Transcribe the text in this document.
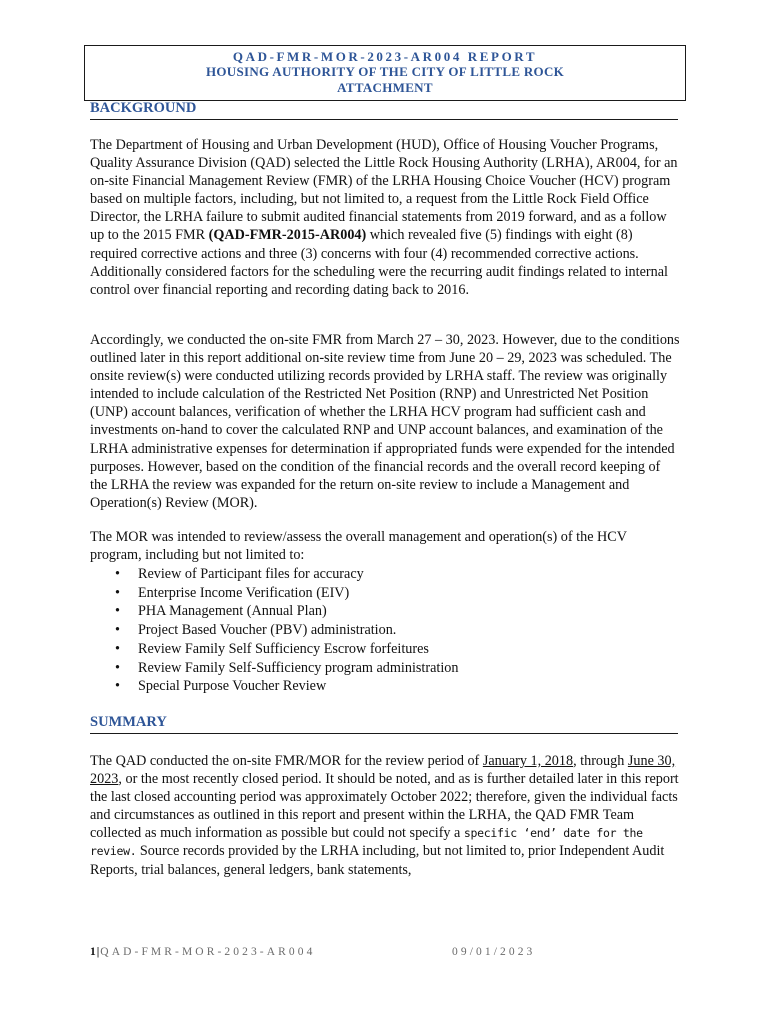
QAD-FMR-MOR-2023-AR004 REPORT
HOUSING AUTHORITY OF THE CITY OF LITTLE ROCK
ATTACHMENT
BACKGROUND

The Department of Housing and Urban Development (HUD), Office of Housing Voucher Programs, Quality Assurance Division (QAD) selected the Little Rock Housing Authority (LRHA), AR004, for an on-site Financial Management Review (FMR) of the LRHA Housing Choice Voucher (HCV) program based on multiple factors, including, but not limited to, a request from the Little Rock Field Office Director, the LRHA failure to submit audited financial statements from 2019 forward, and as a follow up to the 2015 FMR (QAD-FMR-2015-AR004) which revealed five (5) findings with eight (8) required corrective actions and three (3) concerns with four (4) recommended corrective actions. Additionally considered factors for the scheduling were the recurring audit findings related to internal control over financial reporting and recording dating back to 2016.

Accordingly, we conducted the on-site FMR from March 27 – 30, 2023. However, due to the conditions outlined later in this report additional on-site review time from June 20 – 29, 2023 was scheduled. The onsite review(s) were conducted utilizing records provided by LRHA staff. The review was originally intended to include calculation of the Restricted Net Position (RNP) and Unrestricted Net Position (UNP) account balances, verification of whether the LRHA HCV program had sufficient cash and investments on-hand to cover the calculated RNP and UNP account balances, and examination of the LRHA administrative expenses for determination if appropriated funds were expended for the intended purposes. However, based on the condition of the financial records and the overall record keeping of the LRHA the review was expanded for the return on-site review to include a Management and Operation(s) Review (MOR).

The MOR was intended to review/assess the overall management and operation(s) of the HCV program, including but not limited to:

• Review of Participant files for accuracy
• Enterprise Income Verification (EIV)
• PHA Management (Annual Plan)
• Project Based Voucher (PBV) administration.
• Review Family Self Sufficiency Escrow forfeitures
• Review Family Self-Sufficiency program administration
• Special Purpose Voucher Review
SUMMARY

The QAD conducted the on-site FMR/MOR for the review period of January 1, 2018, through June 30, 2023, or the most recently closed period. It should be noted, and as is further detailed later in this report the last closed accounting period was approximately October 2022; therefore, given the individual facts and circumstances as outlined in this report and present within the LRHA, the QAD FMR Team collected as much information as possible but could not specify a specific ‘end’ date for the review. Source records provided by the LRHA including, but not limited to, prior Independent Audit Reports, trial balances, general ledgers, bank statements,

1|QAD-FMR-MOR-2023-AR004	09/01/2023
